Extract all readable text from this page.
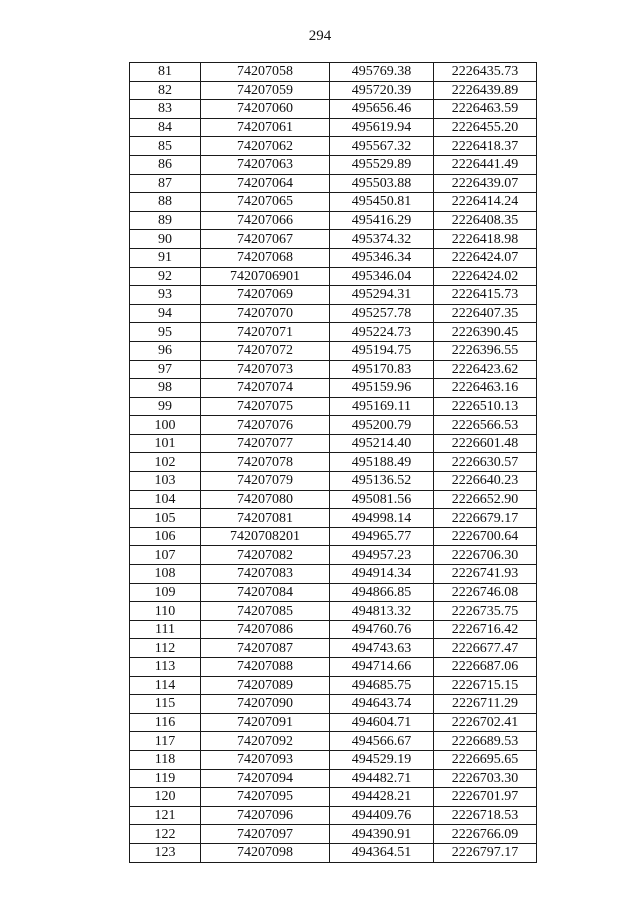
294
81	74207058	495769.38	2226435.73
82	74207059	495720.39	2226439.89
83	74207060	495656.46	2226463.59
84	74207061	495619.94	2226455.20
85	74207062	495567.32	2226418.37
86	74207063	495529.89	2226441.49
87	74207064	495503.88	2226439.07
88	74207065	495450.81	2226414.24
89	74207066	495416.29	2226408.35
90	74207067	495374.32	2226418.98
91	74207068	495346.34	2226424.07
92	7420706901	495346.04	2226424.02
93	74207069	495294.31	2226415.73
94	74207070	495257.78	2226407.35
95	74207071	495224.73	2226390.45
96	74207072	495194.75	2226396.55
97	74207073	495170.83	2226423.62
98	74207074	495159.96	2226463.16
99	74207075	495169.11	2226510.13
100	74207076	495200.79	2226566.53
101	74207077	495214.40	2226601.48
102	74207078	495188.49	2226630.57
103	74207079	495136.52	2226640.23
104	74207080	495081.56	2226652.90
105	74207081	494998.14	2226679.17
106	7420708201	494965.77	2226700.64
107	74207082	494957.23	2226706.30
108	74207083	494914.34	2226741.93
109	74207084	494866.85	2226746.08
110	74207085	494813.32	2226735.75
111	74207086	494760.76	2226716.42
112	74207087	494743.63	2226677.47
113	74207088	494714.66	2226687.06
114	74207089	494685.75	2226715.15
115	74207090	494643.74	2226711.29
116	74207091	494604.71	2226702.41
117	74207092	494566.67	2226689.53
118	74207093	494529.19	2226695.65
119	74207094	494482.71	2226703.30
120	74207095	494428.21	2226701.97
121	74207096	494409.76	2226718.53
122	74207097	494390.91	2226766.09
123	74207098	494364.51	2226797.17
